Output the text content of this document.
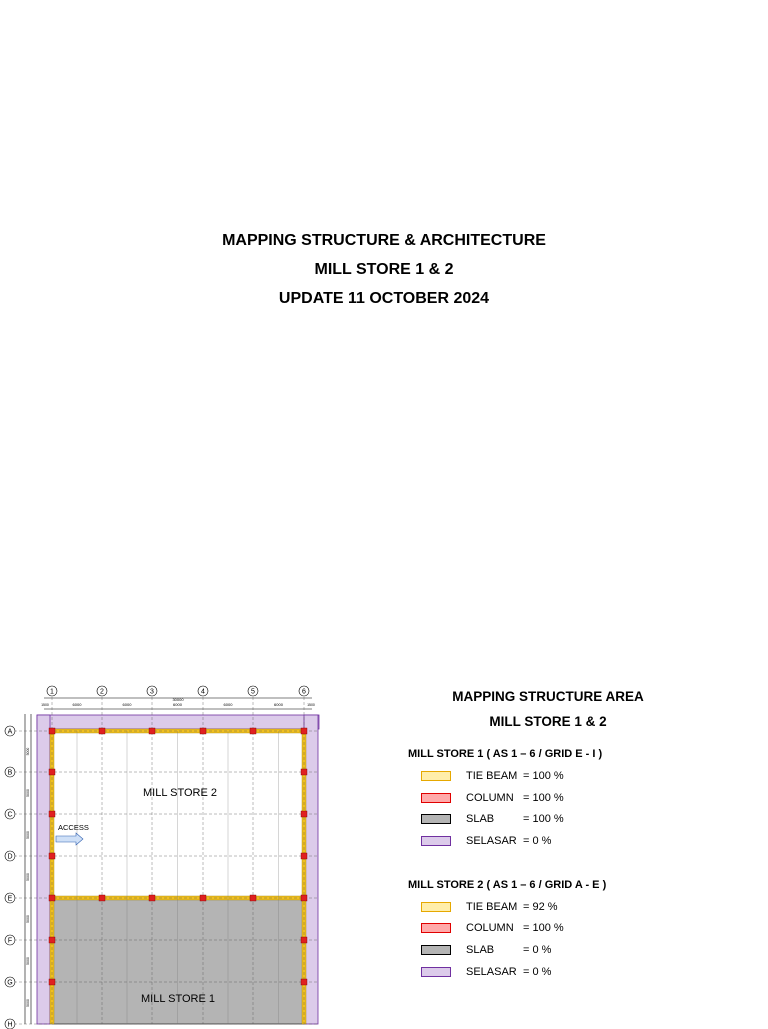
MAPPING STRUCTURE & ARCHITECTURE
MILL STORE 1 & 2
UPDATE 11 OCTOBER 2024
1	2	3	4	5	6
A
B
C
D
E
F
G
H
6000	6000	6000	6000	6000
30000
1500	1500
5000
5000
5000
5000
5000
5000
5000
MILL STORE 2
MILL STORE 1
ACCESS
MAPPING STRUCTURE AREA
MILL STORE 1 & 2
MILL STORE 1 ( AS 1 – 6 / GRID E - I )
TIE BEAM = 100 %
COLUMN = 100 %
SLAB	= 100 %
SELASAR = 0 %
MILL STORE 2 ( AS 1 – 6 / GRID A - E )
TIE BEAM = 92 %
COLUMN = 100 %
SLAB	= 0 %
SELASAR = 0 %
